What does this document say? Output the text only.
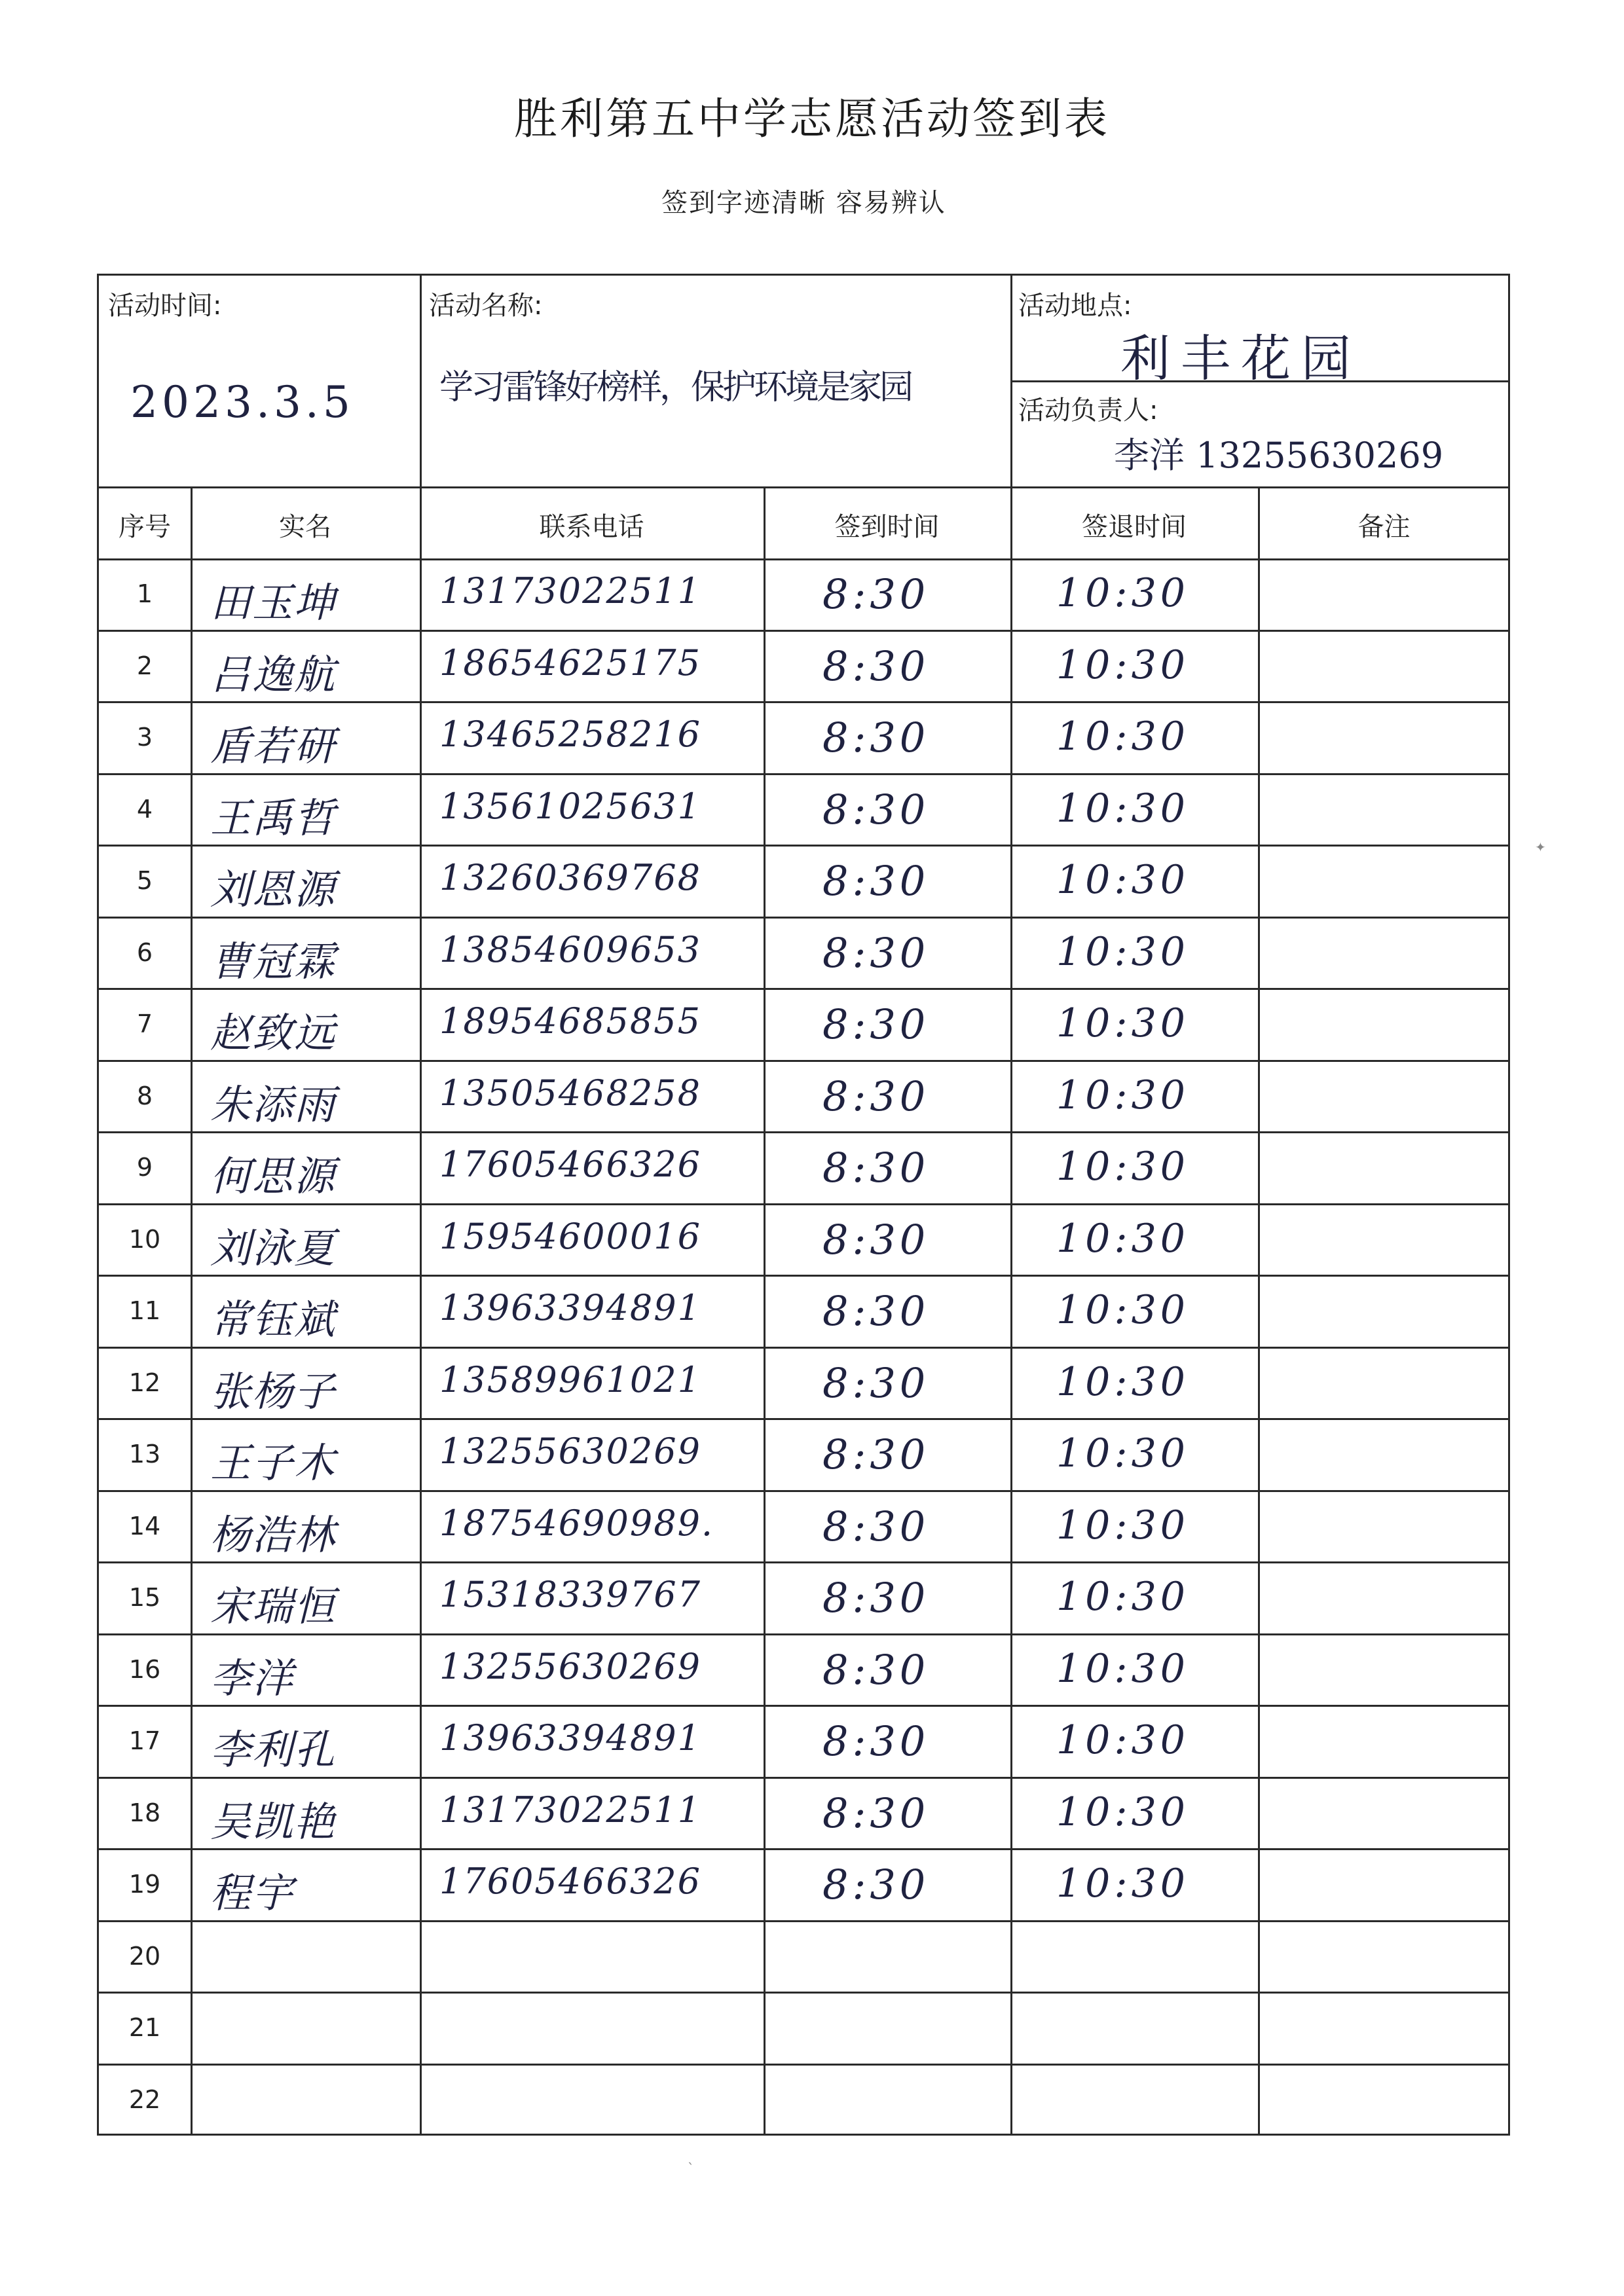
胜利第五中学志愿活动签到表
签到字迹清晰 容易辨认
活动时间:
2023.3.5
活动名称:
学习雷锋好榜样，保护环境是家园
活动地点:
利丰花园
活动负责人:
李洋 13255630269
序号	实名	联系电话	签到时间	签退时间	备注
1	田玉坤	13173022511	8:30	10:30
2	吕逸航	18654625175	8:30	10:30
3	盾若研	13465258216	8:30	10:30
4	王禹哲	13561025631	8:30	10:30
5	刘恩源	13260369768	8:30	10:30
6	曹冠霖	13854609653	8:30	10:30
7	赵致远	18954685855	8:30	10:30
8	朱添雨	13505468258	8:30	10:30
9	何思源	17605466326	8:30	10:30
10	刘泳夏	15954600016	8:30	10:30
11	常钰斌	13963394891	8:30	10:30
12	张杨子	13589961021	8:30	10:30
13	王子木	13255630269	8:30	10:30
14	杨浩林	18754690989.	8:30	10:30
15	宋瑞恒	15318339767	8:30	10:30
16	李洋	13255630269	8:30	10:30
17	李利孔	13963394891	8:30	10:30
18	吴凯艳	13173022511	8:30	10:30
19	程宇	17605466326	8:30	10:30
20
21
22
✦
ˋ
